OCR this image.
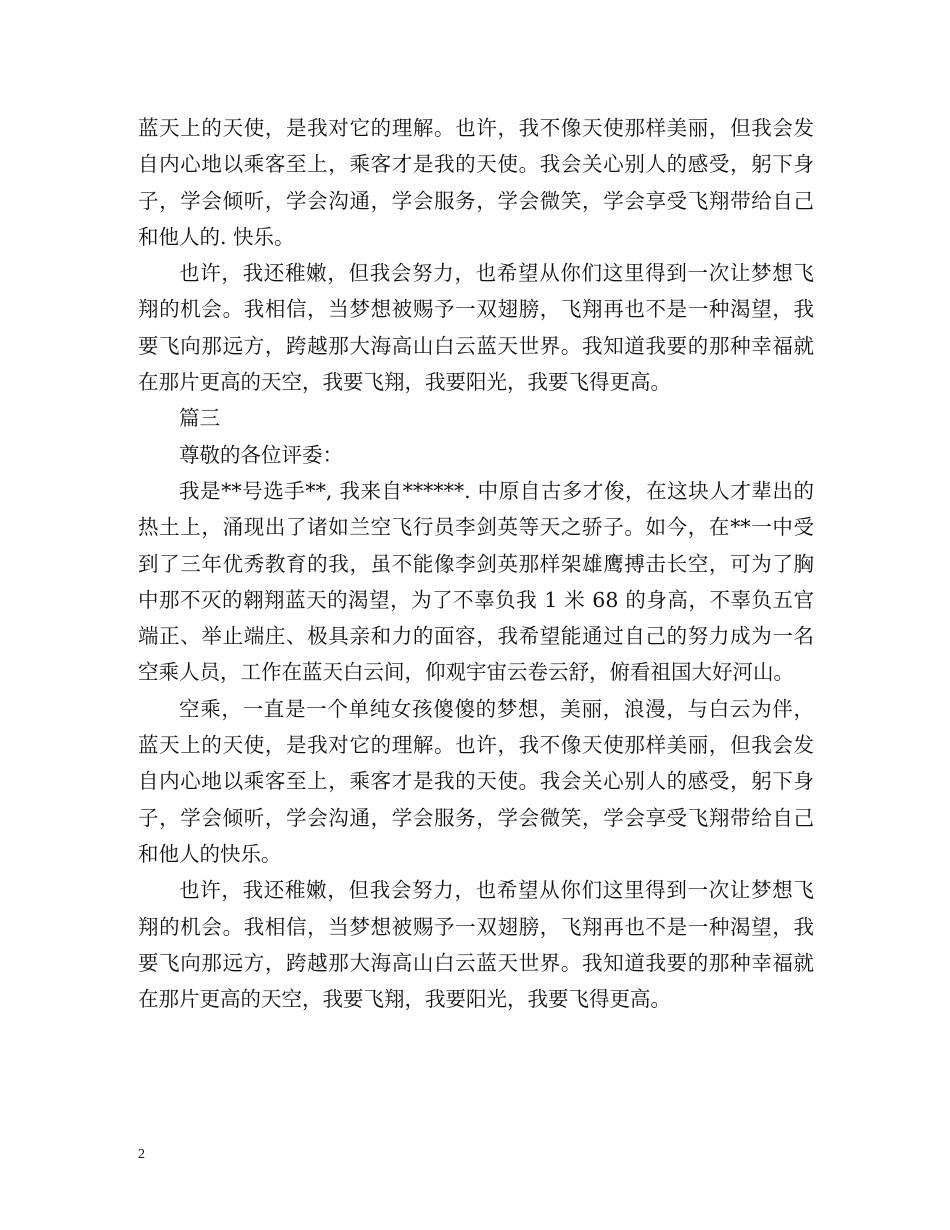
蓝天上的天使，是我对它的理解。也许，我不像天使那样美丽，但我会发自内心地以乘客至上，乘客才是我的天使。我会关心别人的感受，躬下身子，学会倾听，学会沟通，学会服务，学会微笑，学会享受飞翔带给自己和他人的. 快乐。

也许，我还稚嫩，但我会努力，也希望从你们这里得到一次让梦想飞翔的机会。我相信，当梦想被赐予一双翅膀，飞翔再也不是一种渴望，我要飞向那远方，跨越那大海高山白云蓝天世界。我知道我要的那种幸福就在那片更高的天空，我要飞翔，我要阳光，我要飞得更高。

篇三

尊敬的各位评委：

我是**号选手**, 我来自******. 中原自古多才俊，在这块人才辈出的热土上，涌现出了诸如兰空飞行员李剑英等天之骄子。如今，在**一中受到了三年优秀教育的我，虽不能像李剑英那样架雄鹰搏击长空，可为了胸中那不灭的翱翔蓝天的渴望，为了不辜负我 1 米 68 的身高，不辜负五官端正、举止端庄、极具亲和力的面容，我希望能通过自己的努力成为一名空乘人员，工作在蓝天白云间，仰观宇宙云卷云舒，俯看祖国大好河山。

空乘，一直是一个单纯女孩傻傻的梦想，美丽，浪漫，与白云为伴，蓝天上的天使，是我对它的理解。也许，我不像天使那样美丽，但我会发自内心地以乘客至上，乘客才是我的天使。我会关心别人的感受，躬下身子，学会倾听，学会沟通，学会服务，学会微笑，学会享受飞翔带给自己和他人的快乐。

也许，我还稚嫩，但我会努力，也希望从你们这里得到一次让梦想飞翔的机会。我相信，当梦想被赐予一双翅膀，飞翔再也不是一种渴望，我要飞向那远方，跨越那大海高山白云蓝天世界。我知道我要的那种幸福就在那片更高的天空，我要飞翔，我要阳光，我要飞得更高。

2
